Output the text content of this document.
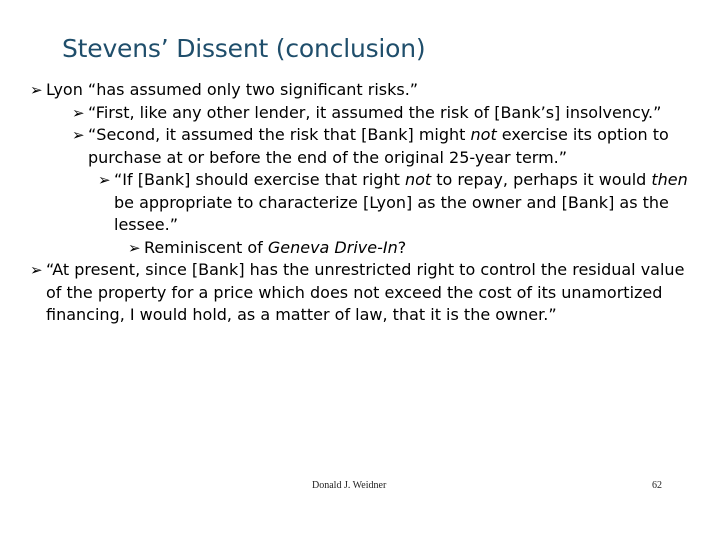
Stevens’ Dissent (conclusion)
➢ Lyon “has assumed only two significant risks.”
➢ “First, like any other lender, it assumed the risk of [Bank’s] insolvency.”
➢ “Second, it assumed the risk that [Bank] might not exercise its option to purchase at or before the end of the original 25-year term.”
➢ “If [Bank] should exercise that right not to repay, perhaps it would then be appropriate to characterize [Lyon] as the owner and [Bank] as the lessee.”
➢ Reminiscent of Geneva Drive-In?
➢ “At present, since [Bank] has the unrestricted right to control the residual value of the property for a price which does not exceed the cost of its unamortized financing, I would hold, as a matter of law, that it is the owner.”
Donald J. Weidner	62
